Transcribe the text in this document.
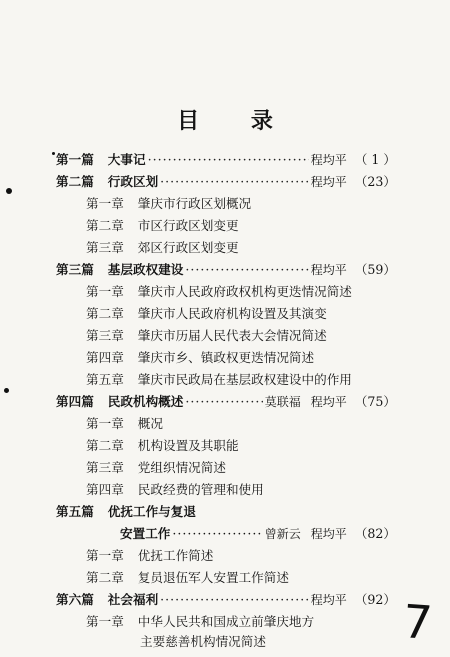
目 录
第一篇 大事记 ·····	程均平 （ 1 ）
第二篇 行政区划 ·····	程均平 （23）
第一章 肇庆市行政区划概况
第二章 市区行政区划变更
第三章 郊区行政区划变更
第三篇 基层政权建设 ·····	程均平 （59）
第一章 肇庆市人民政府政权机构更迭情况简述
第二章 肇庆市人民政府机构设置及其演变
第三章 肇庆市历届人民代表大会情况简述
第四章 肇庆市乡、镇政权更迭情况简述
第五章 肇庆市民政局在基层政权建设中的作用
第四篇 民政机构概述 ·····	莫联福 程均平 （75）
第一章 概况
第二章 机构设置及其职能
第三章 党组织情况简述
第四章 民政经费的管理和使用
第五篇 优抚工作与复退
安置工作 ·····	曾新云 程均平 （82）
第一章 优抚工作简述
第二章 复员退伍军人安置工作简述
第六篇 社会福利 ·····	程均平 （92）
第一章 中华人民共和国成立前肇庆地方
主要慈善机构情况简述	7
